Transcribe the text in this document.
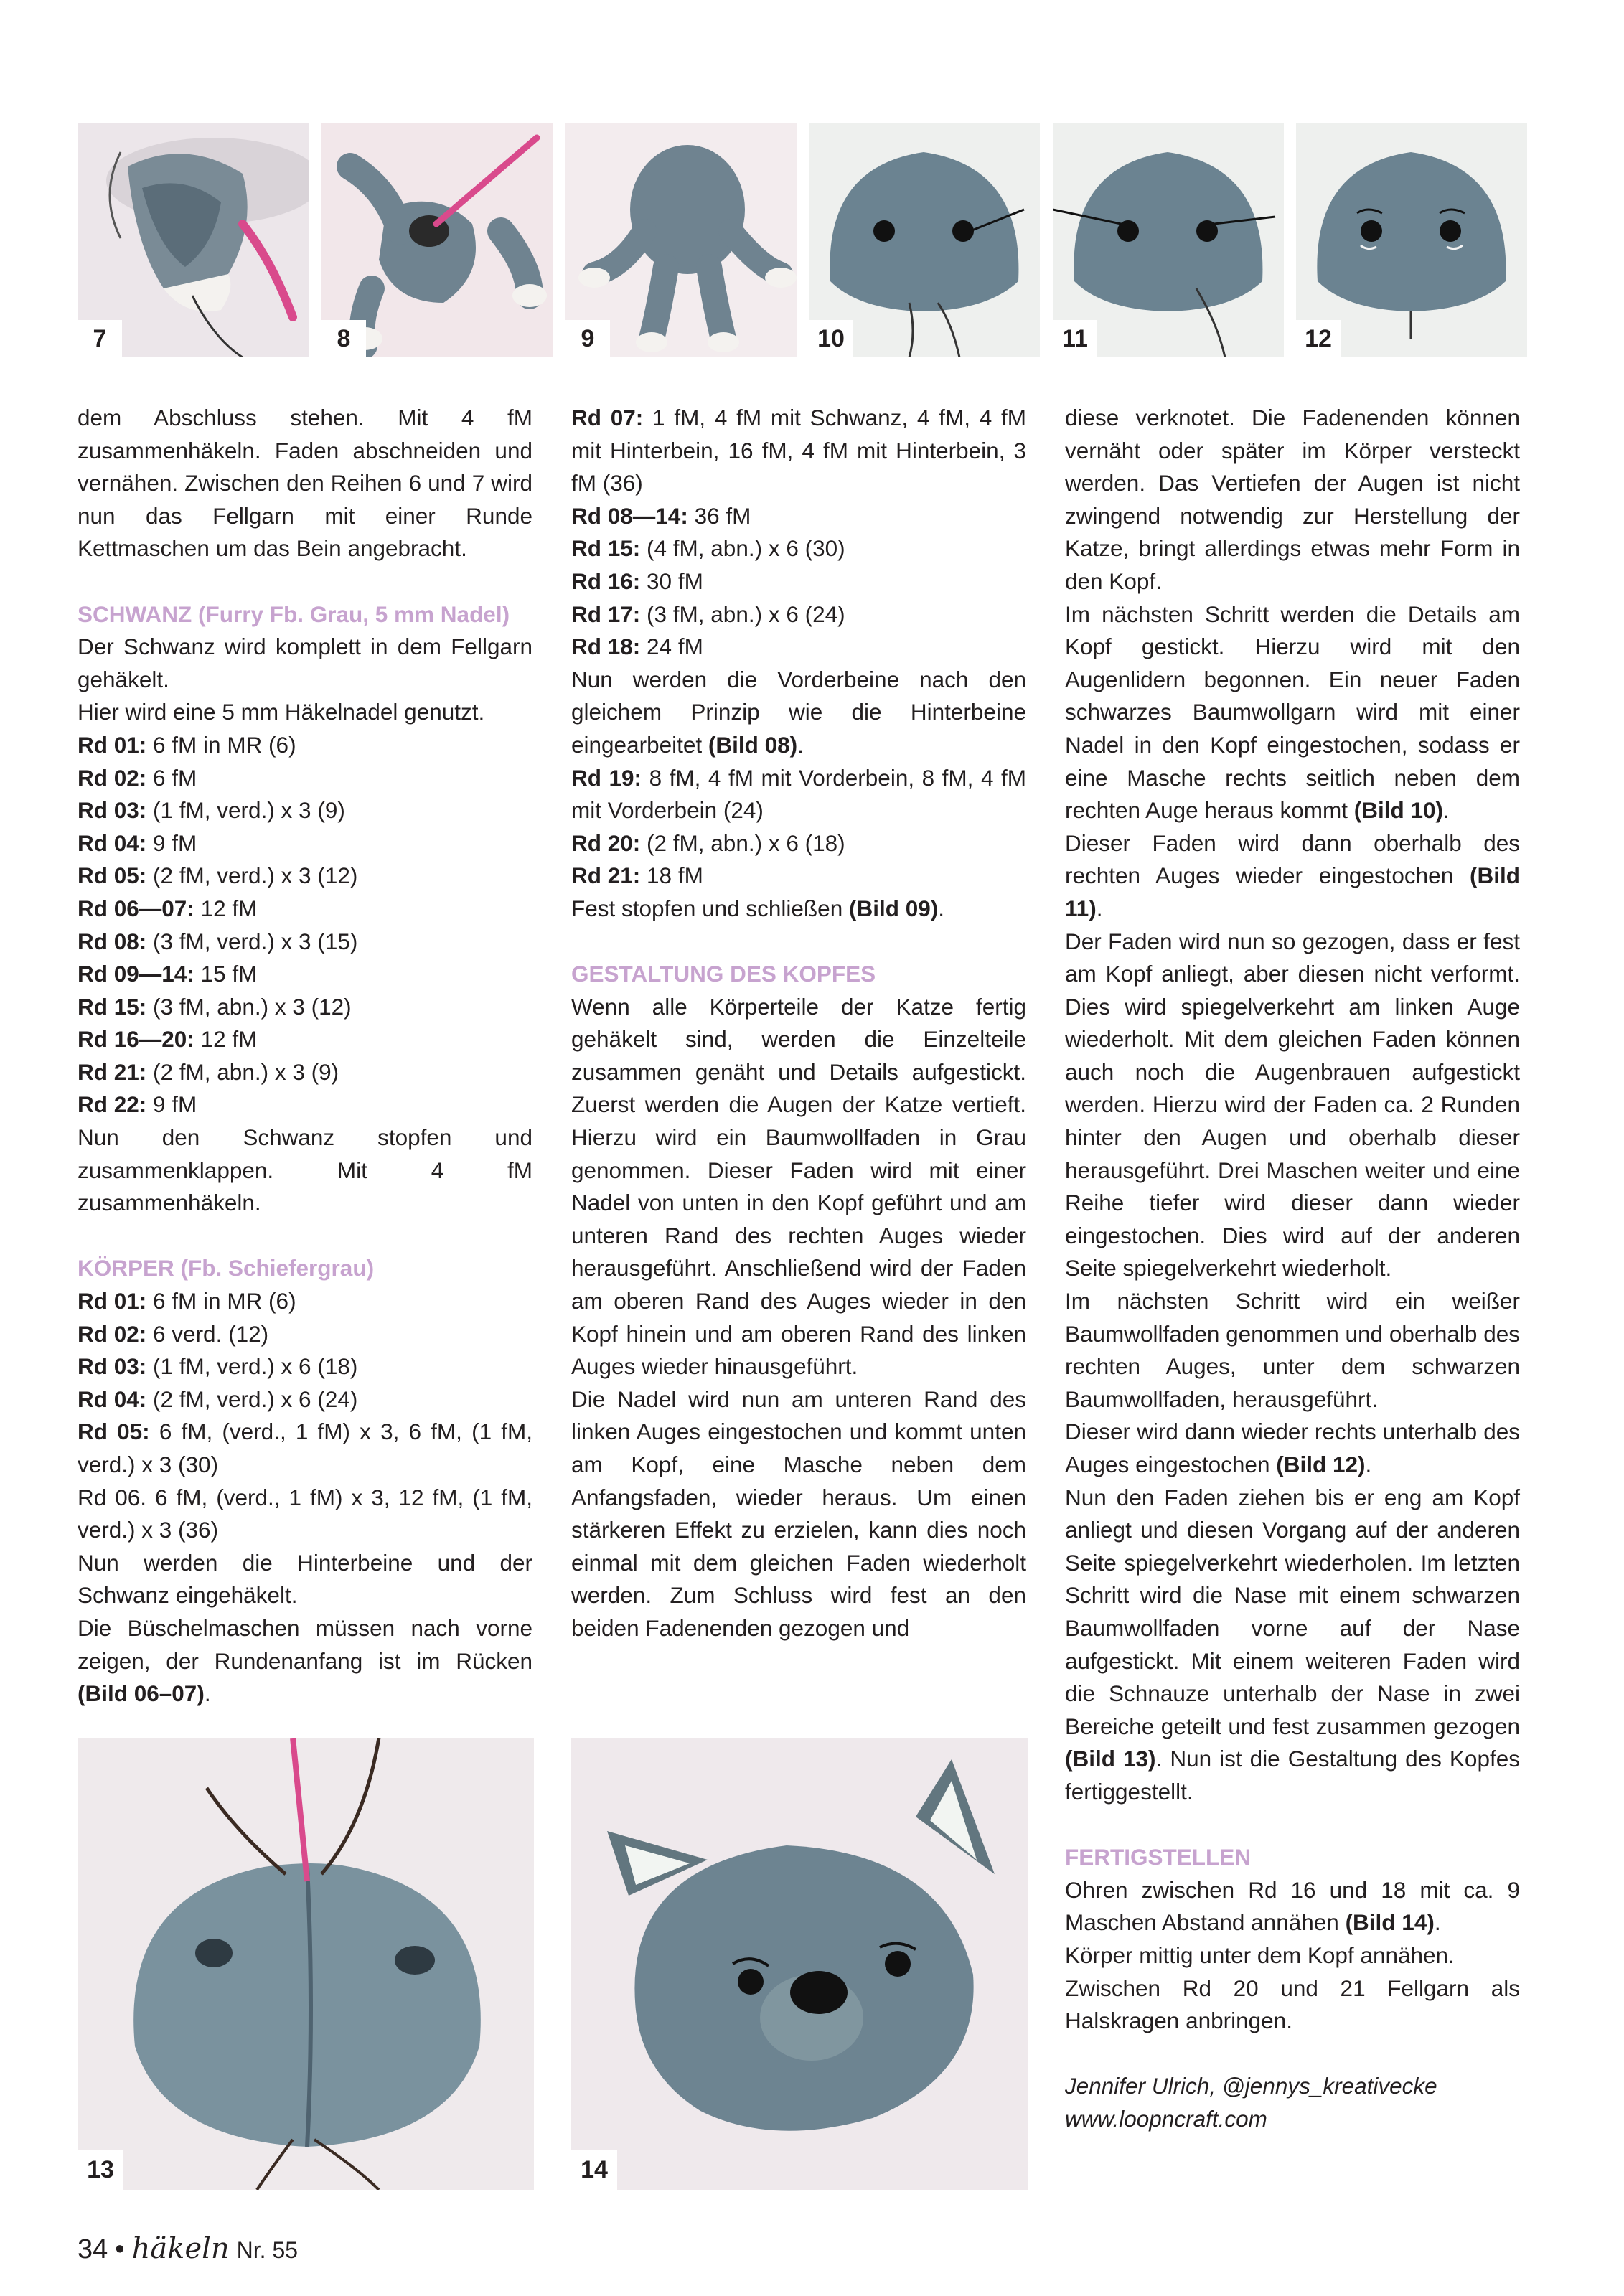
7	8	9	10	11	12

dem Abschluss stehen. Mit 4 fM zusammenhäkeln. Faden abschneiden und vernähen. Zwischen den Reihen 6 und 7 wird nun das Fellgarn mit einer Runde Kettmaschen um das Bein angebracht.

SCHWANZ (Furry Fb. Grau, 5 mm Nadel)

Der Schwanz wird komplett in dem Fellgarn gehäkelt.

Hier wird eine 5 mm Häkelnadel genutzt.

Rd 01: 6 fM in MR (6)

Rd 02: 6 fM

Rd 03: (1 fM, verd.) x 3 (9)

Rd 04: 9 fM

Rd 05: (2 fM, verd.) x 3 (12)

Rd 06—07: 12 fM

Rd 08: (3 fM, verd.) x 3 (15)

Rd 09—14: 15 fM

Rd 15: (3 fM, abn.) x 3 (12)

Rd 16—20: 12 fM

Rd 21: (2 fM, abn.) x 3 (9)

Rd 22: 9 fM

Nun den Schwanz stopfen und zusammenklappen. Mit 4 fM zusammenhäkeln.

KÖRPER (Fb. Schiefergrau)

Rd 01: 6 fM in MR (6)

Rd 02: 6 verd. (12)

Rd 03: (1 fM, verd.) x 6 (18)

Rd 04: (2 fM, verd.) x 6 (24)

Rd 05: 6 fM, (verd., 1 fM) x 3, 6 fM, (1 fM, verd.) x 3 (30)

Rd 06. 6 fM, (verd., 1 fM) x 3, 12 fM, (1 fM, verd.) x 3 (36)

Nun werden die Hinterbeine und der Schwanz eingehäkelt.

Die Büschelmaschen müssen nach vorne zeigen, der Rundenanfang ist im Rücken (Bild 06–07).

Rd 07: 1 fM, 4 fM mit Schwanz, 4 fM, 4 fM mit Hinterbein, 16 fM, 4 fM mit Hinterbein, 3 fM (36)

Rd 08—14: 36 fM

Rd 15: (4 fM, abn.) x 6 (30)

Rd 16: 30 fM

Rd 17: (3 fM, abn.) x 6 (24)

Rd 18: 24 fM

Nun werden die Vorderbeine nach den gleichem Prinzip wie die Hinterbeine eingearbeitet (Bild 08).

Rd 19: 8 fM, 4 fM mit Vorderbein, 8 fM, 4 fM mit Vorderbein (24)

Rd 20: (2 fM, abn.) x 6 (18)

Rd 21: 18 fM

Fest stopfen und schließen (Bild 09).

GESTALTUNG DES KOPFES

Wenn alle Körperteile der Katze fertig gehäkelt sind, werden die Einzelteile zusammen genäht und Details aufgestickt. Zuerst werden die Augen der Katze vertieft. Hierzu wird ein Baumwollfaden in Grau genommen. Dieser Faden wird mit einer Nadel von unten in den Kopf geführt und am unteren Rand des rechten Auges wieder herausgeführt. Anschließend wird der Faden am oberen Rand des Auges wieder in den Kopf hinein und am oberen Rand des linken Auges wieder hinausgeführt.

Die Nadel wird nun am unteren Rand des linken Auges eingestochen und kommt unten am Kopf, eine Masche neben dem Anfangsfaden, wieder heraus. Um einen stärkeren Effekt zu erzielen, kann dies noch einmal mit dem gleichen Faden wiederholt werden. Zum Schluss wird fest an den beiden Fadenenden gezogen und

diese verknotet. Die Fadenenden können vernäht oder später im Körper versteckt werden. Das Vertiefen der Augen ist nicht zwingend notwendig zur Herstellung der Katze, bringt allerdings etwas mehr Form in den Kopf.

Im nächsten Schritt werden die Details am Kopf gestickt. Hierzu wird mit den Augenlidern begonnen. Ein neuer Faden schwarzes Baumwollgarn wird mit einer Nadel in den Kopf eingestochen, sodass er eine Masche rechts seitlich neben dem rechten Auge heraus kommt (Bild 10).

Dieser Faden wird dann oberhalb des rechten Auges wieder eingestochen (Bild 11).

Der Faden wird nun so gezogen, dass er fest am Kopf anliegt, aber diesen nicht verformt. Dies wird spiegelverkehrt am linken Auge wiederholt. Mit dem gleichen Faden können auch noch die Augenbrauen aufgestickt werden. Hierzu wird der Faden ca. 2 Runden hinter den Augen und oberhalb dieser herausgeführt. Drei Maschen weiter und eine Reihe tiefer wird dieser dann wieder eingestochen. Dies wird auf der anderen Seite spiegelverkehrt wiederholt.

Im nächsten Schritt wird ein weißer Baumwollfaden genommen und oberhalb des rechten Auges, unter dem schwarzen Baumwollfaden, herausgeführt.

Dieser wird dann wieder rechts unterhalb des Auges eingestochen (Bild 12).

Nun den Faden ziehen bis er eng am Kopf anliegt und diesen Vorgang auf der anderen Seite spiegelverkehrt wiederholen. Im letzten Schritt wird die Nase mit einem schwarzen Baumwollfaden vorne auf der Nase aufgestickt. Mit einem weiteren Faden wird die Schnauze unterhalb der Nase in zwei Bereiche geteilt und fest zusammen gezogen (Bild 13). Nun ist die Gestaltung des Kopfes fertiggestellt.

FERTIGSTELLEN

Ohren zwischen Rd 16 und 18 mit ca. 9 Maschen Abstand annähen (Bild 14).

Körper mittig unter dem Kopf annähen.

Zwischen Rd 20 und 21 Fellgarn als Halskragen anbringen.

Jennifer Ulrich, @jennys_kreativecke

www.loopncraft.com

13	14
34 • häkeln Nr. 55
